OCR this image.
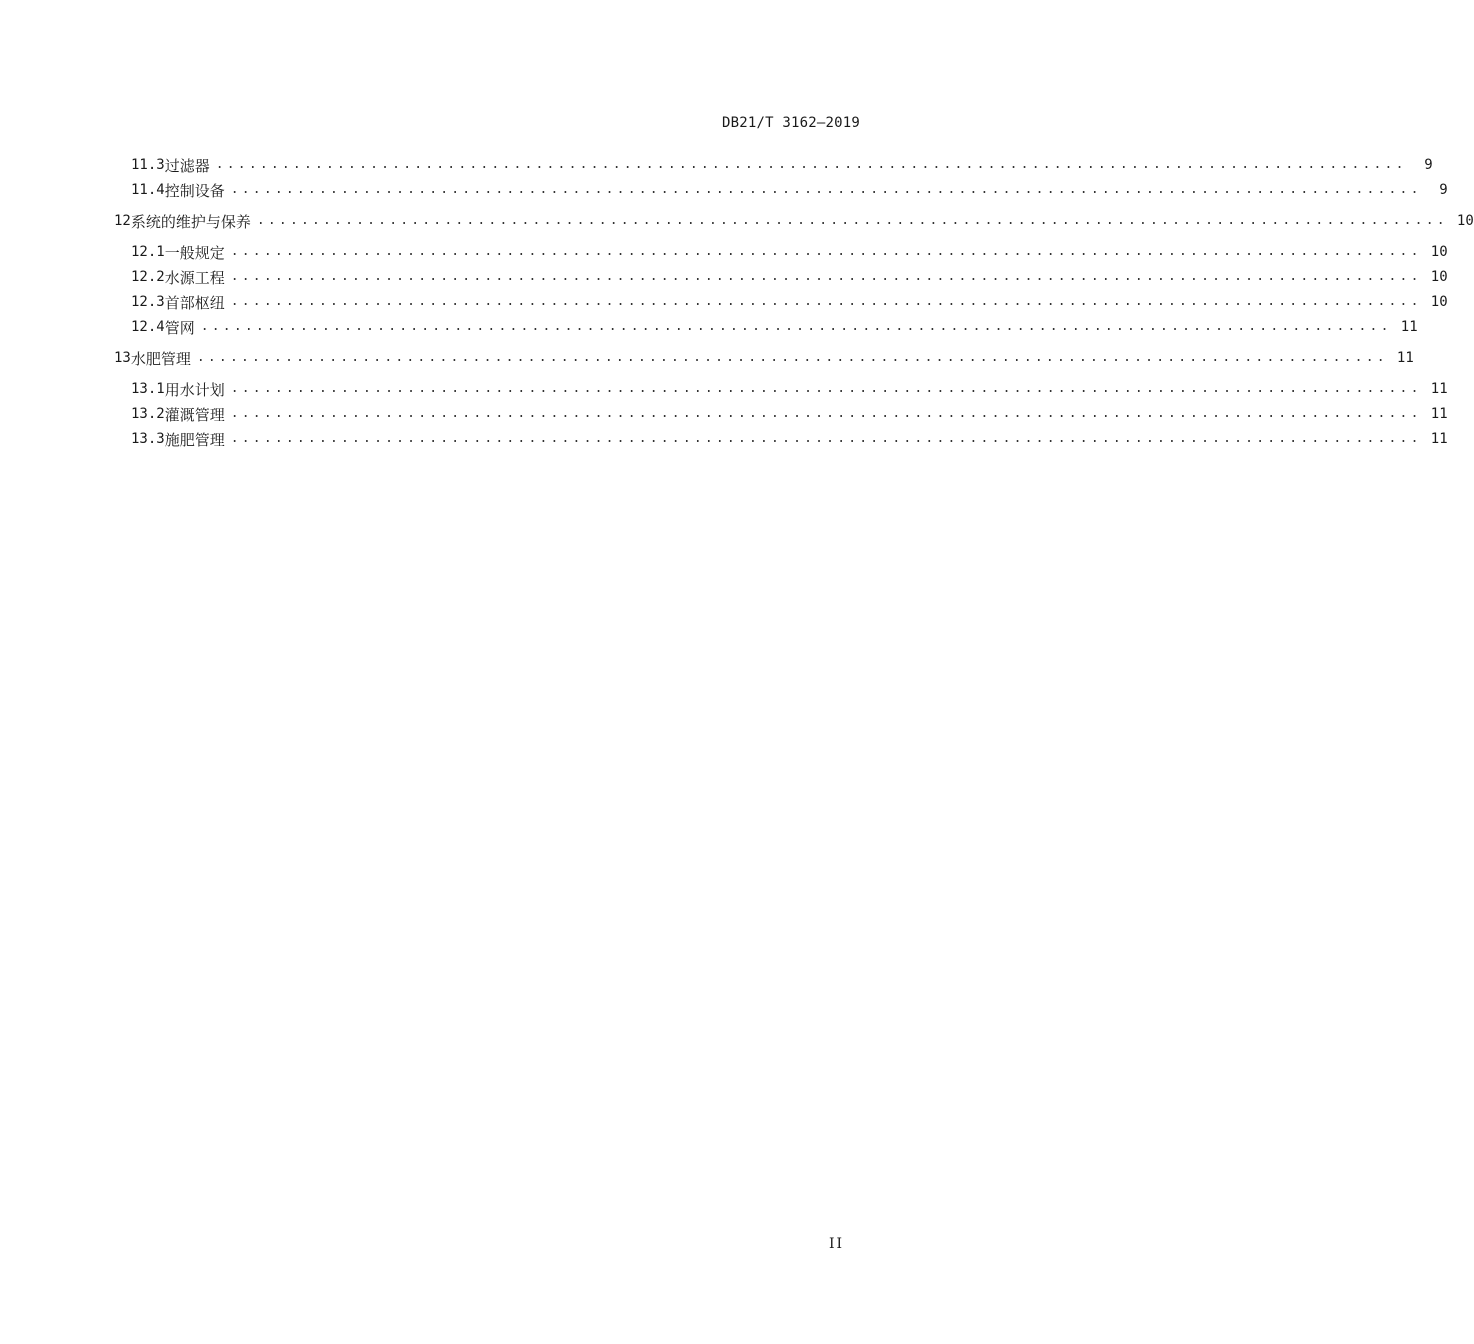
DB21/T 3162—2019
11.3 过滤器 ............................................................................................................	9
11.4 控制设备 ............................................................................................................	9
12 系统的维护与保养 ............................................................................................................ 10
12.1 一般规定 ............................................................................................................ 10
12.2 水源工程 ............................................................................................................ 10
12.3 首部枢纽 ............................................................................................................ 10
12.4 管网 ............................................................................................................ 11
13 水肥管理 ............................................................................................................ 11
13.1 用水计划 ............................................................................................................ 11
13.2 灌溉管理 ............................................................................................................ 11
13.3 施肥管理 ............................................................................................................ 11
II
